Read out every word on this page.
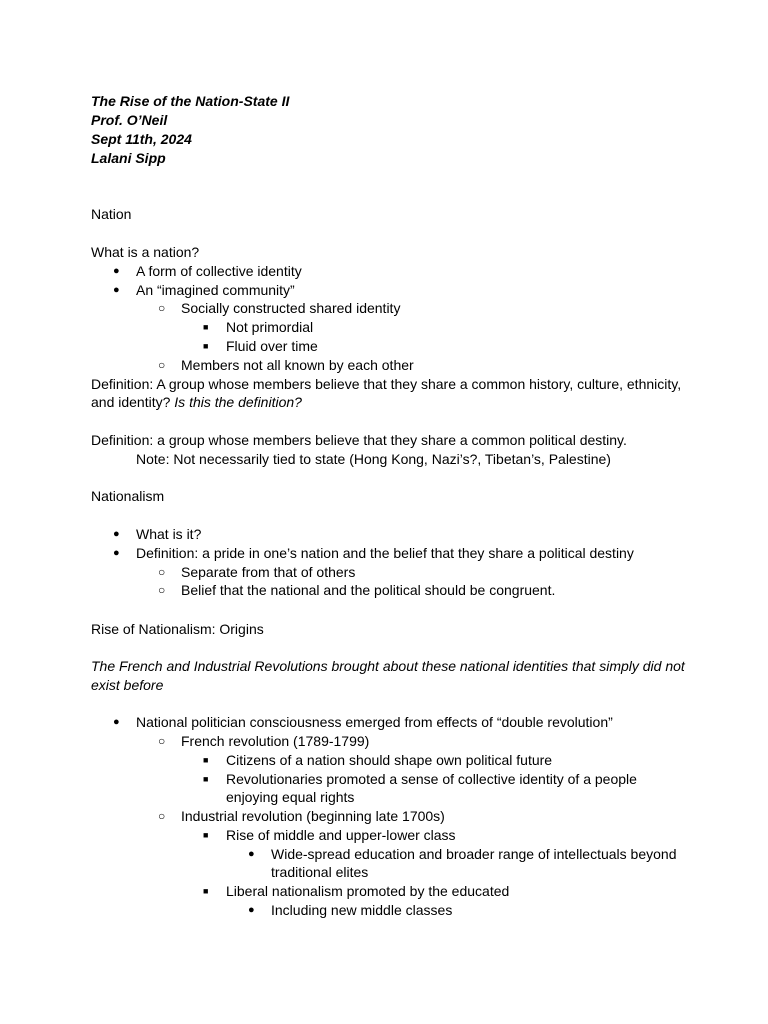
The Rise of the Nation-State II
Prof. O’Neil
Sept 11th, 2024
Lalani Sipp
Nation
What is a nation?
● A form of collective identity
● An “imagined community”
○ Socially constructed shared identity
■ Not primordial
■ Fluid over time
○ Members not all known by each other
Definition: A group whose members believe that they share a common history, culture, ethnicity,
and identity? Is this the definition?
Definition: a group whose members believe that they share a common political destiny.
Note: Not necessarily tied to state (Hong Kong, Nazi’s?, Tibetan’s, Palestine)
Nationalism
● What is it?
● Definition: a pride in one’s nation and the belief that they share a political destiny
○ Separate from that of others
○ Belief that the national and the political should be congruent.
Rise of Nationalism: Origins
The French and Industrial Revolutions brought about these national identities that simply did not
exist before
● National politician consciousness emerged from effects of “double revolution”
○ French revolution (1789-1799)
■ Citizens of a nation should shape own political future
■ Revolutionaries promoted a sense of collective identity of a people
enjoying equal rights
○ Industrial revolution (beginning late 1700s)
■ Rise of middle and upper-lower class
● Wide-spread education and broader range of intellectuals beyond
traditional elites
■ Liberal nationalism promoted by the educated
● Including new middle classes
